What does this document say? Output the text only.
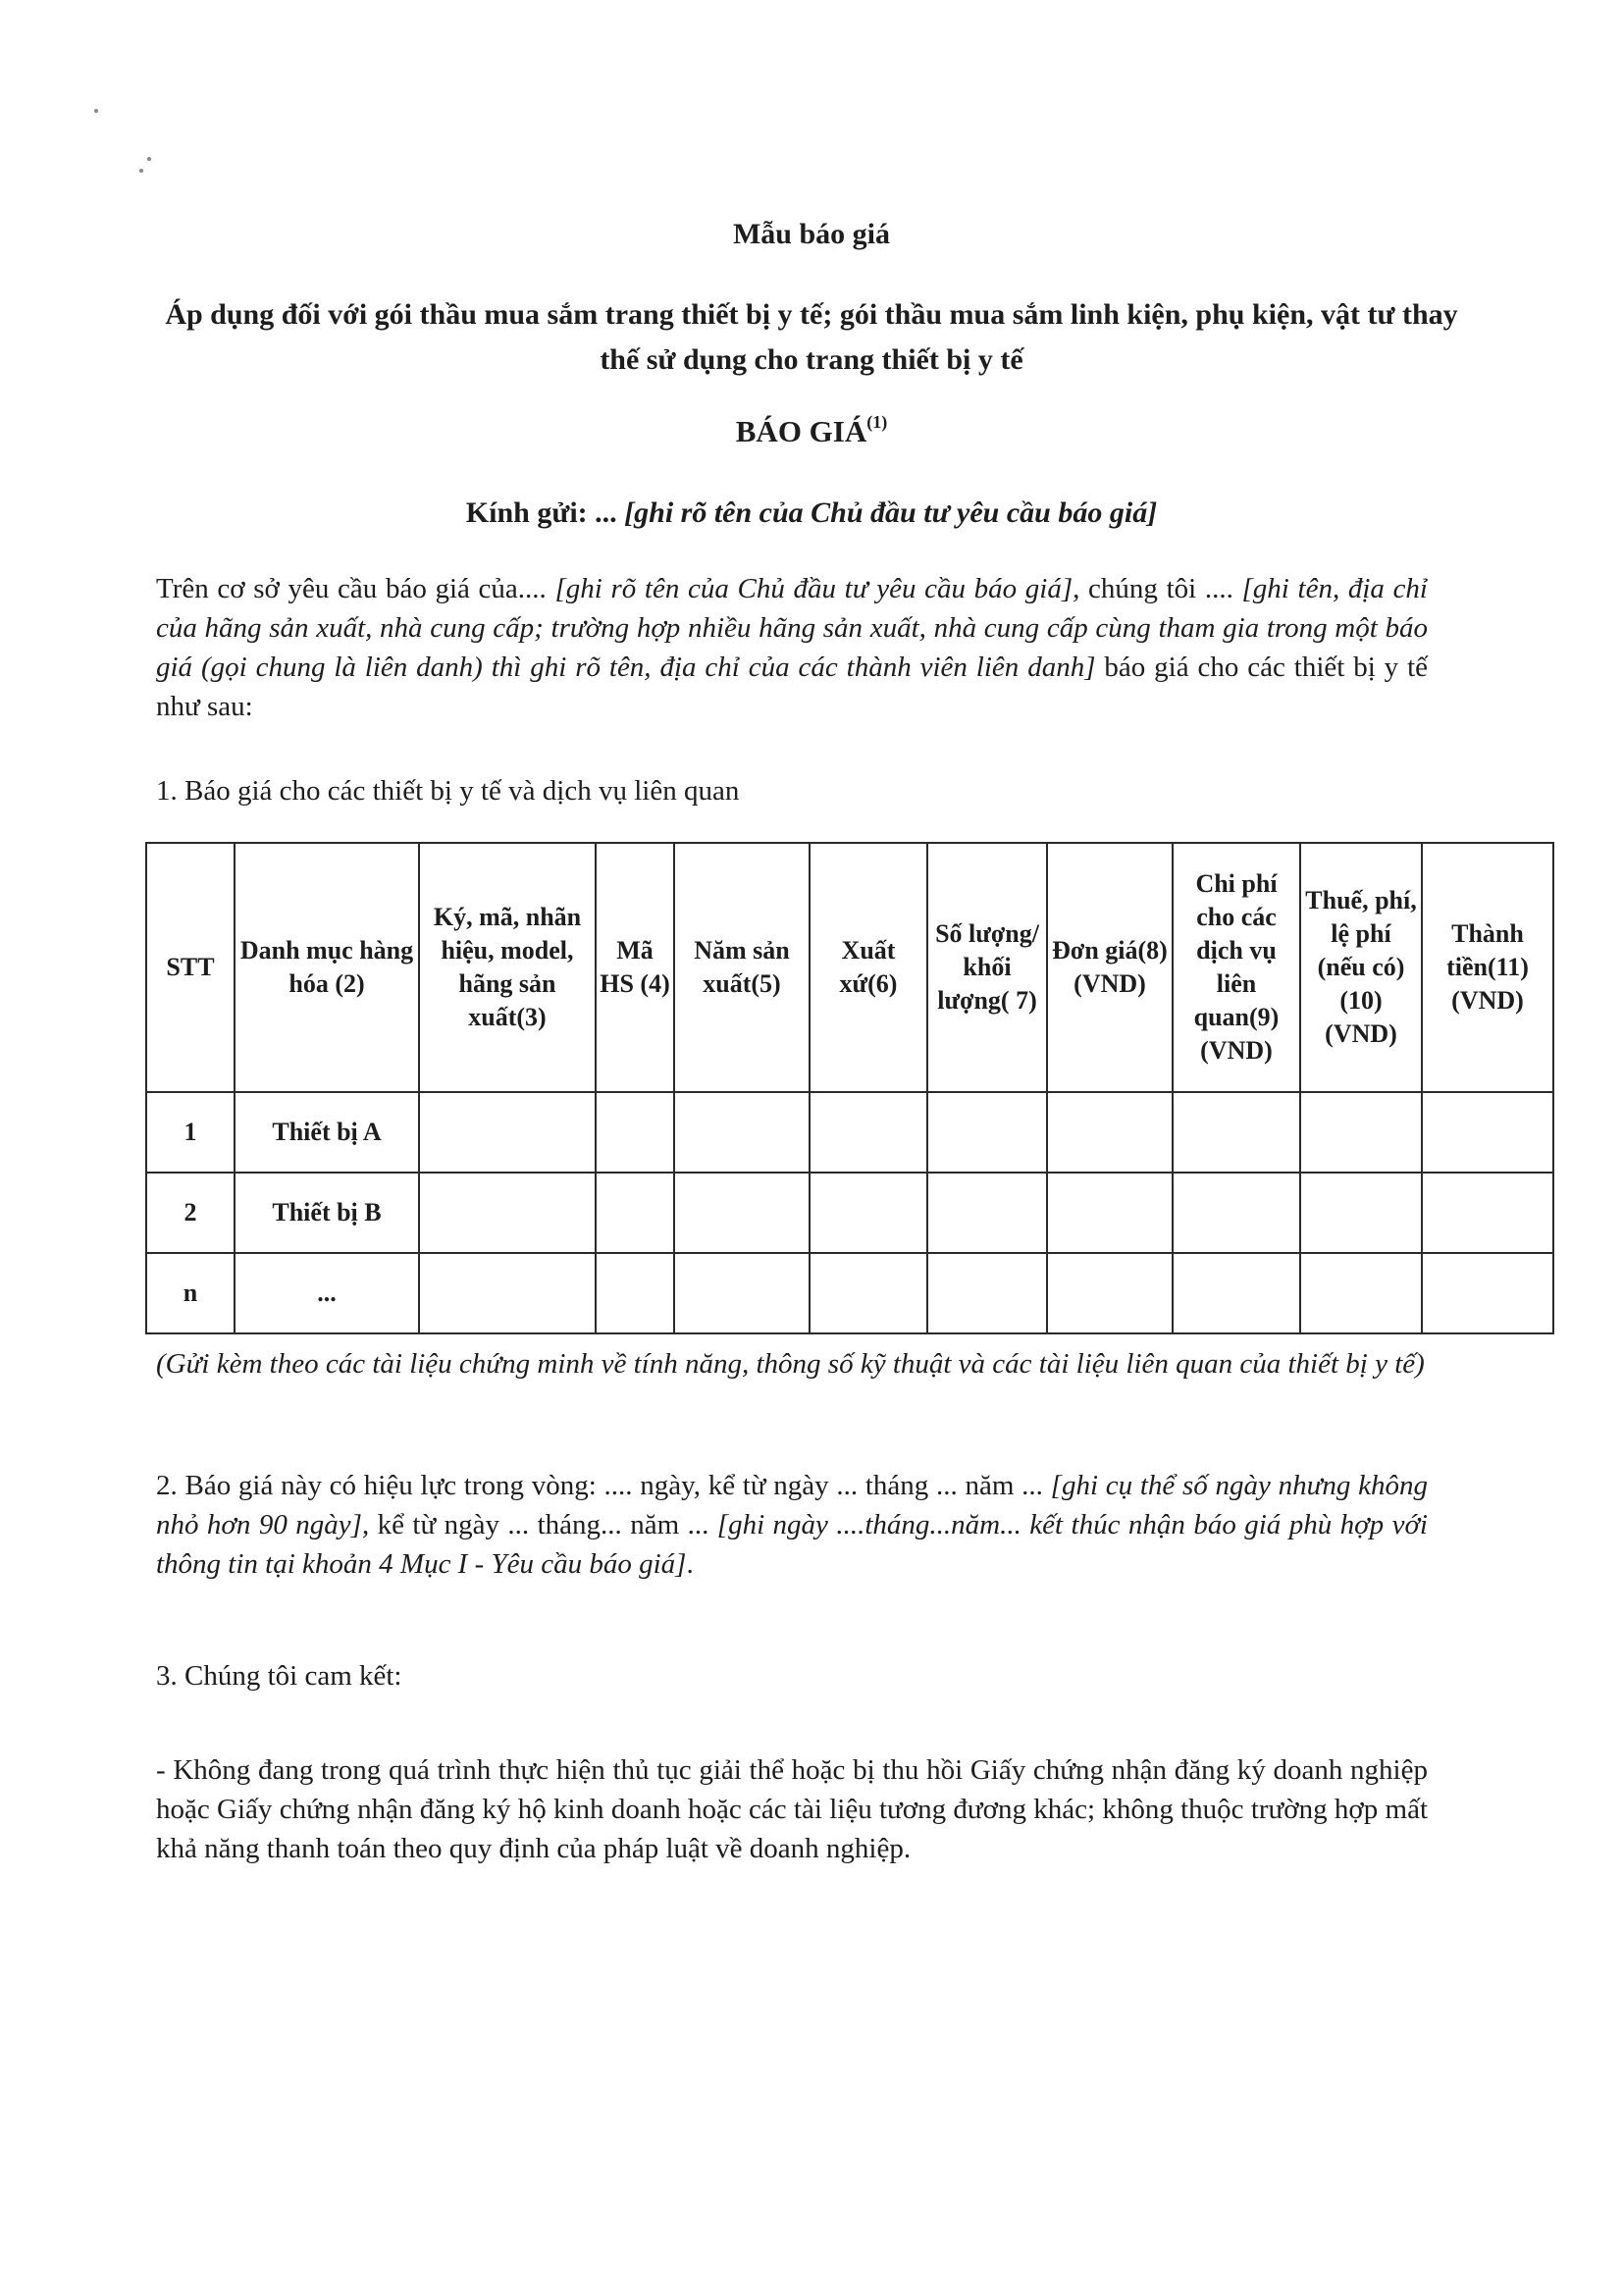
Mẫu báo giá
Áp dụng đối với gói thầu mua sắm trang thiết bị y tế; gói thầu mua sắm linh kiện, phụ kiện, vật tư thay thế sử dụng cho trang thiết bị y tế
BÁO GIÁ$^{(1)}$
Kính gửi: ... [ghi rõ tên của Chủ đầu tư yêu cầu báo giá]
Trên cơ sở yêu cầu báo giá của.... [ghi rõ tên của Chủ đầu tư yêu cầu báo giá], chúng tôi .... [ghi tên, địa chỉ của hãng sản xuất, nhà cung cấp; trường hợp nhiều hãng sản xuất, nhà cung cấp cùng tham gia trong một báo giá (gọi chung là liên danh) thì ghi rõ tên, địa chỉ của các thành viên liên danh] báo giá cho các thiết bị y tế như sau:
1. Báo giá cho các thiết bị y tế và dịch vụ liên quan
STT	Danh mục hàng hóa (2)	Ký, mã, nhãn hiệu, model, hãng sản xuất(3)	Mã HS (4)	Năm sản xuất(5)	Xuất xứ(6)	Số lượng/ khối lượng( 7)	Đơn giá(8) (VND)	Chi phí cho các dịch vụ liên quan(9) (VND)	Thuế, phí, lệ phí (nếu có)(10) (VND)	Thành tiền(11) (VND)
1	Thiết bị A									
2	Thiết bị B									
n	...									
(Gửi kèm theo các tài liệu chứng minh về tính năng, thông số kỹ thuật và các tài liệu liên quan của thiết bị y tế)
2. Báo giá này có hiệu lực trong vòng: .... ngày, kể từ ngày ... tháng ... năm ... [ghi cụ thể số ngày nhưng không nhỏ hơn 90 ngày], kể từ ngày ... tháng... năm ... [ghi ngày ....tháng...năm... kết thúc nhận báo giá phù hợp với thông tin tại khoản 4 Mục I - Yêu cầu báo giá].
3. Chúng tôi cam kết:
- Không đang trong quá trình thực hiện thủ tục giải thể hoặc bị thu hồi Giấy chứng nhận đăng ký doanh nghiệp hoặc Giấy chứng nhận đăng ký hộ kinh doanh hoặc các tài liệu tương đương khác; không thuộc trường hợp mất khả năng thanh toán theo quy định của pháp luật về doanh nghiệp.
